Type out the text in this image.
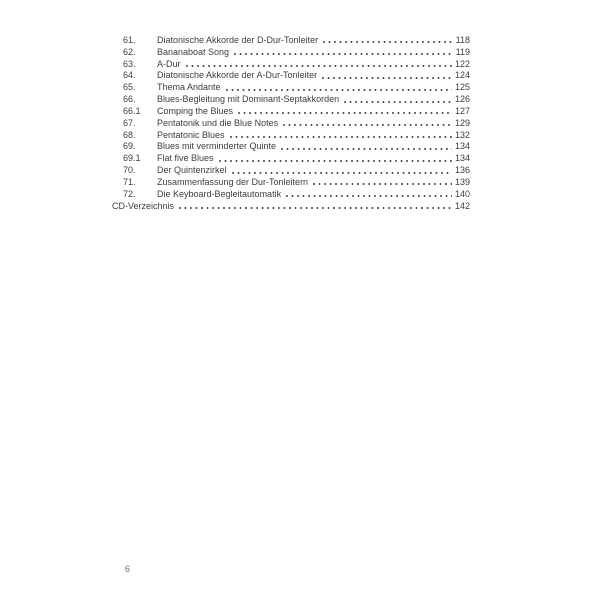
61.	Diatonische Akkorde der D-Dur-Tonleiter	118
62.	Bananaboat Song	119
63.	A-Dur	122
64.	Diatonische Akkorde der A-Dur-Tonleiter	124
65.	Thema Andante	125
66.	Blues-Begleitung mit Dominant-Septakkorden	126
66.1	Comping the Blues	127
67.	Pentatonik und die Blue Notes	129
68.	Pentatonic Blues	132
69.	Blues mit verminderter Quinte	134
69.1	Flat five Blues	134
70.	Der Quintenzirkel	136
71.	Zusammenfassung der Dur-Tonleitern	139
72.	Die Keyboard-Begleitautomatik	140
CD-Verzeichnis	142
6
